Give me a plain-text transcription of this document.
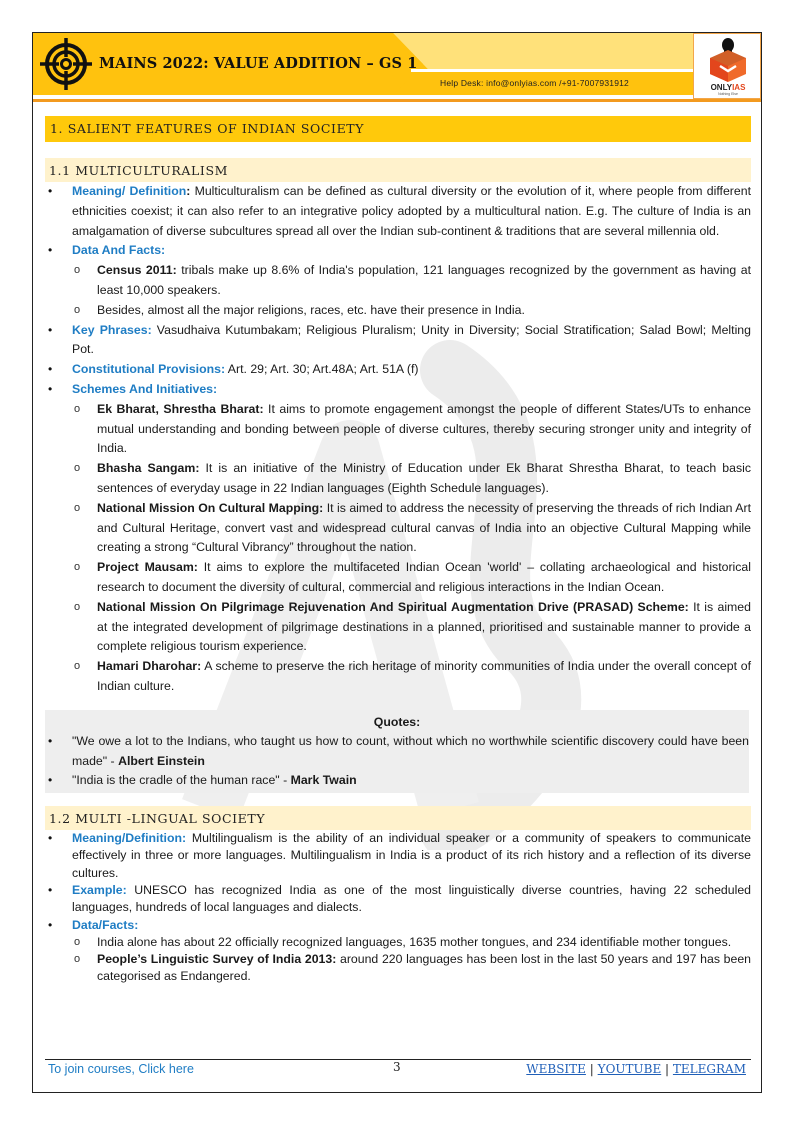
MAINS 2022: VALUE ADDITION – GS 1
Help Desk: info@onlyias.com /+91-7007931912	ONLYIAS
Nothing Else
1. SALIENT FEATURES OF INDIAN SOCIETY
1.1 MULTICULTURALISM
• Meaning/ Definition: Multiculturalism can be defined as cultural diversity or the evolution of it, where people from different ethnicities coexist; it can also refer to an integrative policy adopted by a multicultural nation. E.g. The culture of India is an amalgamation of diverse subcultures spread all over the Indian sub-continent & traditions that are several millennia old.
• Data And Facts:
o Census 2011: tribals make up 8.6% of India's population, 121 languages recognized by the government as having at least 10,000 speakers.
o Besides, almost all the major religions, races, etc. have their presence in India.
• Key Phrases: Vasudhaiva Kutumbakam; Religious Pluralism; Unity in Diversity; Social Stratification; Salad Bowl; Melting Pot.
• Constitutional Provisions: Art. 29; Art. 30; Art.48A; Art. 51A (f)
• Schemes And Initiatives:
o Ek Bharat, Shrestha Bharat: It aims to promote engagement amongst the people of different States/UTs to enhance mutual understanding and bonding between people of diverse cultures, thereby securing stronger unity and integrity of India.
o Bhasha Sangam: It is an initiative of the Ministry of Education under Ek Bharat Shrestha Bharat, to teach basic sentences of everyday usage in 22 Indian languages (Eighth Schedule languages).
o National Mission On Cultural Mapping: It is aimed to address the necessity of preserving the threads of rich Indian Art and Cultural Heritage, convert vast and widespread cultural canvas of India into an objective Cultural Mapping while creating a strong “Cultural Vibrancy” throughout the nation.
o Project Mausam: It aims to explore the multifaceted Indian Ocean 'world' – collating archaeological and historical research to document the diversity of cultural, commercial and religious interactions in the Indian Ocean.
o National Mission On Pilgrimage Rejuvenation And Spiritual Augmentation Drive (PRASAD) Scheme: It is aimed at the integrated development of pilgrimage destinations in a planned, prioritised and sustainable manner to provide a complete religious tourism experience.
o Hamari Dharohar: A scheme to preserve the rich heritage of minority communities of India under the overall concept of Indian culture.
Quotes:
• "We owe a lot to the Indians, who taught us how to count, without which no worthwhile scientific discovery could have been made" - Albert Einstein
• "India is the cradle of the human race" - Mark Twain
1.2 MULTI -LINGUAL SOCIETY
• Meaning/Definition: Multilingualism is the ability of an individual speaker or a community of speakers to communicate effectively in three or more languages. Multilingualism in India is a product of its rich history and a reflection of its diverse cultures.
• Example: UNESCO has recognized India as one of the most linguistically diverse countries, having 22 scheduled languages, hundreds of local languages and dialects.
• Data/Facts:
o India alone has about 22 officially recognized languages, 1635 mother tongues, and 234 identifiable mother tongues.
o People’s Linguistic Survey of India 2013: around 220 languages has been lost in the last 50 years and 197 has been categorised as Endangered.
To join courses, Click here	3	WEBSITE | YOUTUBE | TELEGRAM
